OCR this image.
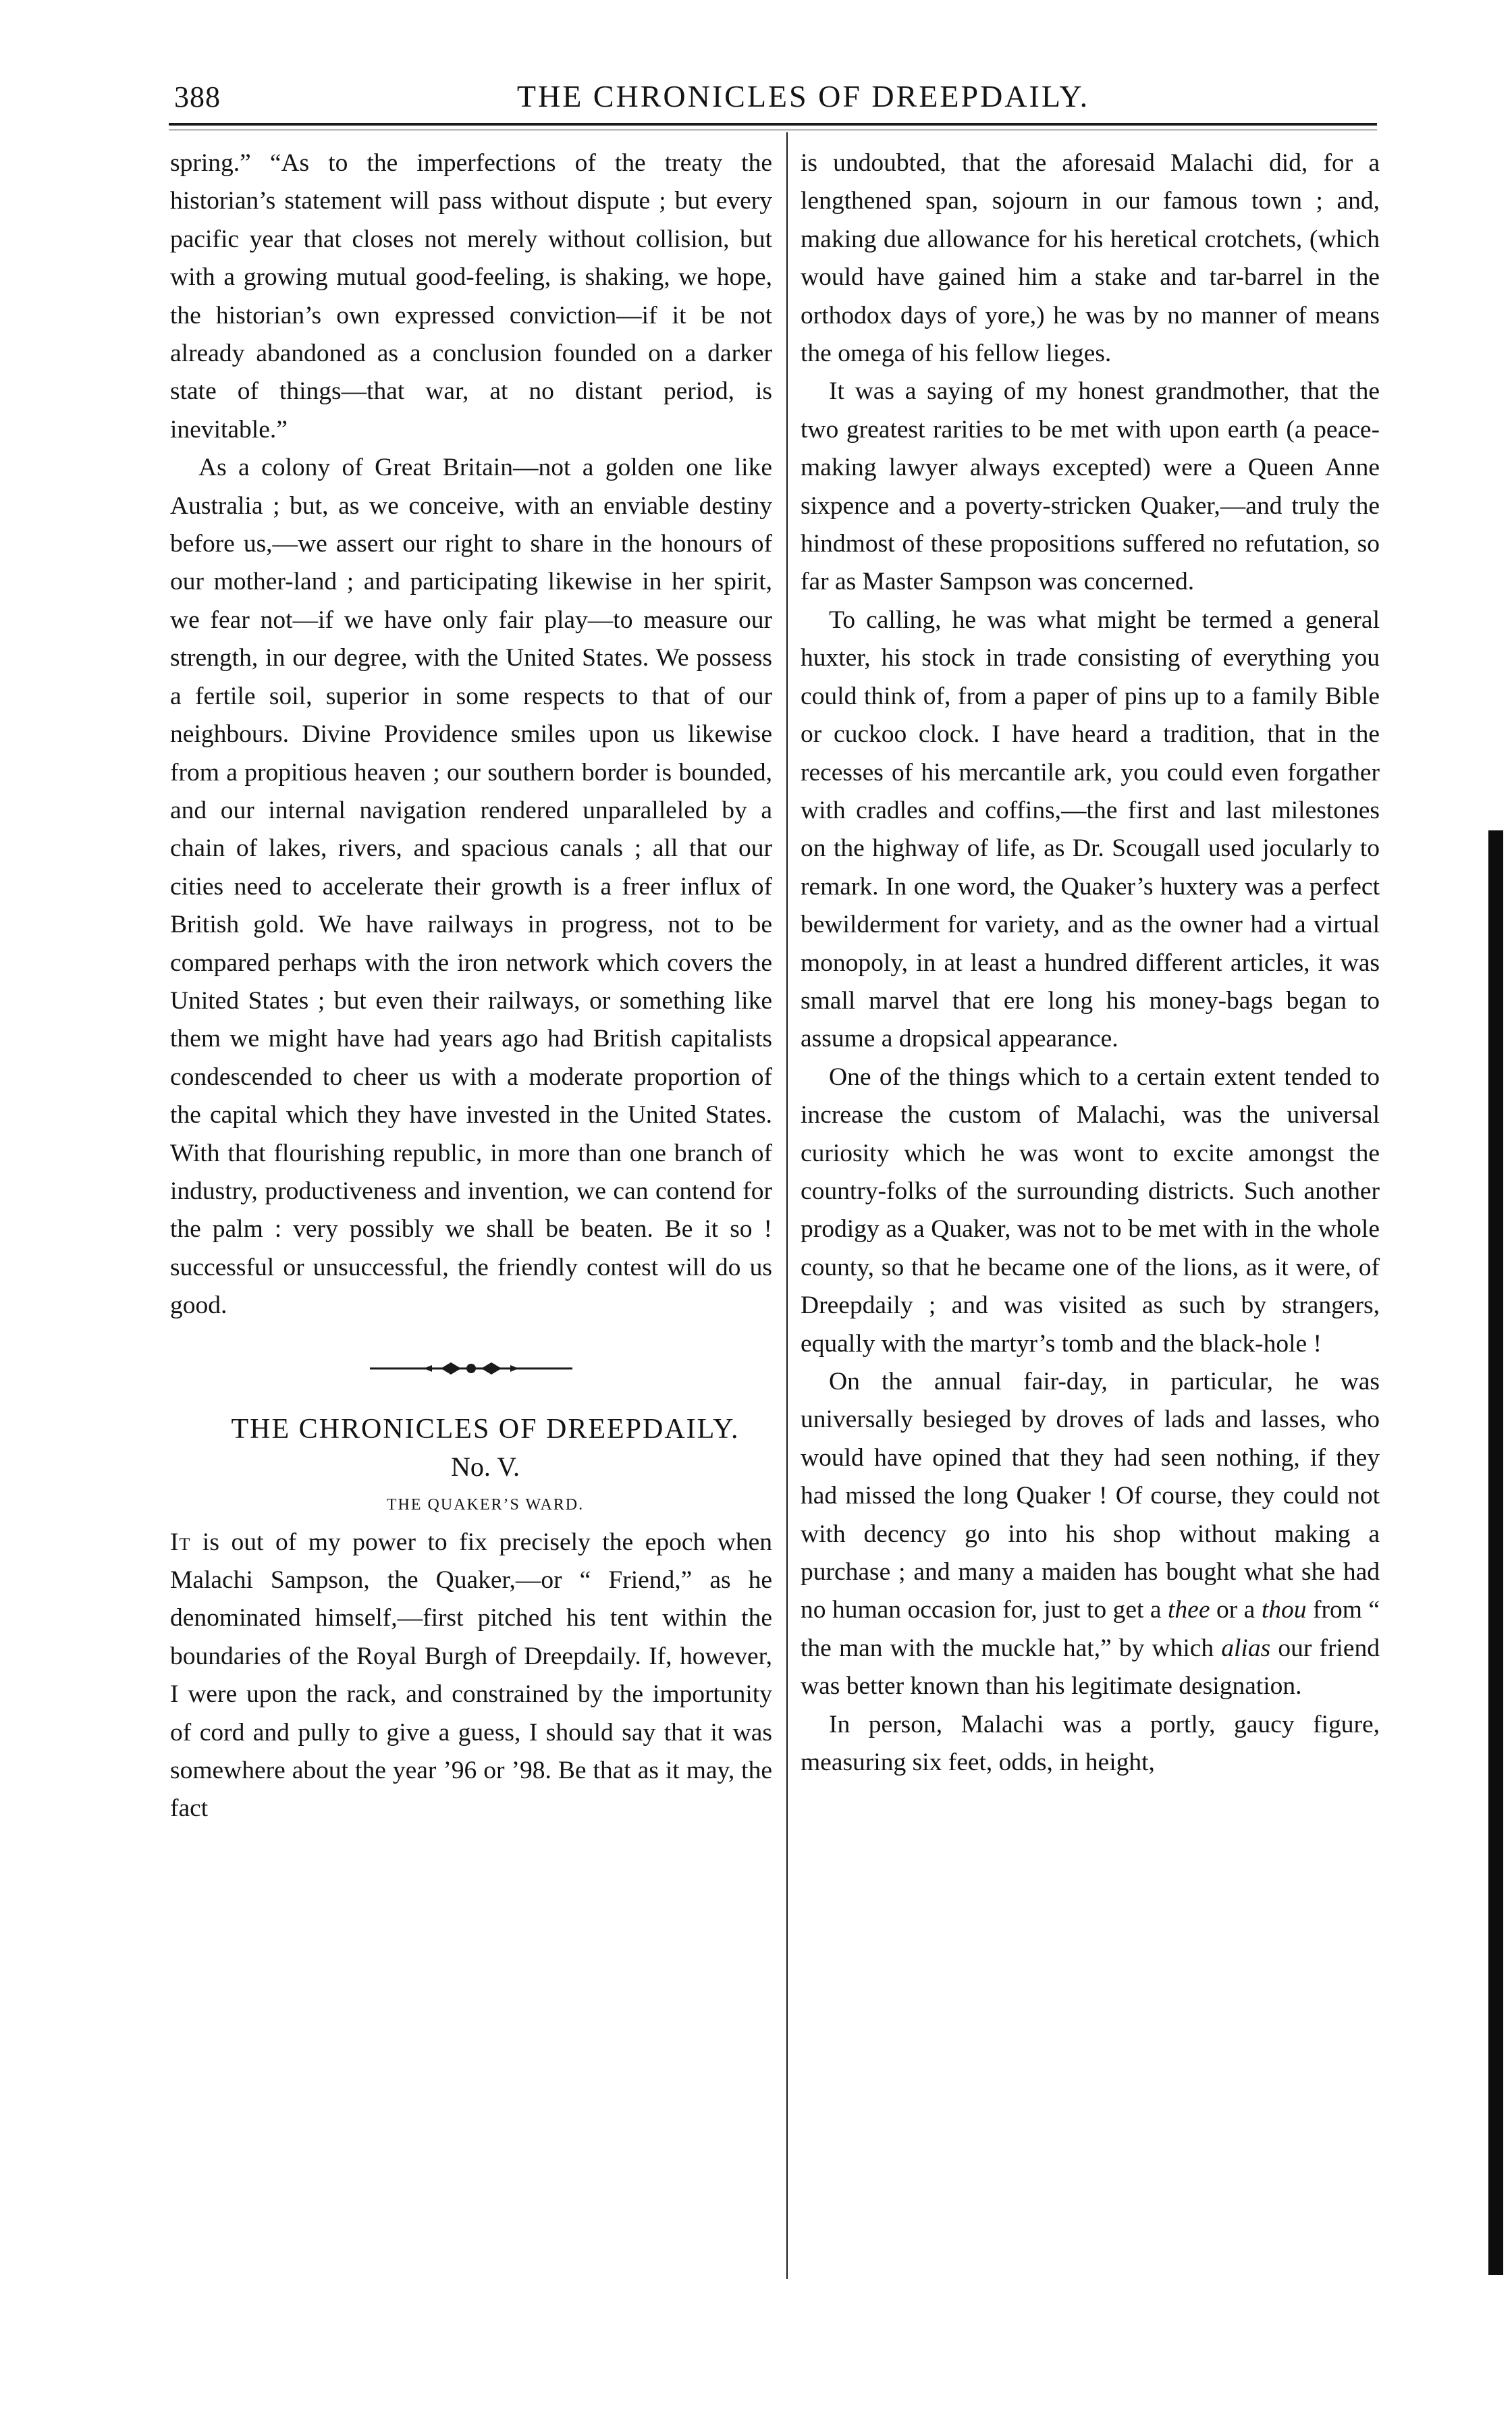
388	THE CHRONICLES OF DREEPDAILY.

spring.” “As to the imperfections of the treaty the historian’s statement will pass without dispute ; but every pacific year that closes not merely without collision, but with a growing mutual good-feeling, is shaking, we hope, the historian’s own expressed conviction—if it be not already abandoned as a conclusion founded on a darker state of things—that war, at no distant period, is inevitable.”

As a colony of Great Britain—not a golden one like Australia ; but, as we conceive, with an enviable destiny before us,—we assert our right to share in the honours of our mother-land ; and participating likewise in her spirit, we fear not—if we have only fair play—to measure our strength, in our degree, with the United States. We possess a fertile soil, superior in some respects to that of our neighbours. Divine Providence smiles upon us likewise from a propitious heaven ; our southern border is bounded, and our internal navigation rendered unparalleled by a chain of lakes, rivers, and spacious canals ; all that our cities need to accelerate their growth is a freer influx of British gold. We have railways in progress, not to be compared perhaps with the iron network which covers the United States ; but even their railways, or something like them we might have had years ago had British capitalists condescended to cheer us with a moderate proportion of the capital which they have invested in the United States. With that flourishing republic, in more than one branch of industry, productiveness and invention, we can contend for the palm : very possibly we shall be beaten. Be it so ! successful or unsuccessful, the friendly contest will do us good.

THE CHRONICLES OF DREEPDAILY.

No. V.

THE QUAKER’S WARD.

It is out of my power to fix precisely the epoch when Malachi Sampson, the Quaker,—or “ Friend,” as he denominated himself,—first pitched his tent within the boundaries of the Royal Burgh of Dreepdaily. If, however, I were upon the rack, and constrained by the importunity of cord and pully to give a guess, I should say that it was somewhere about the year ’96 or ’98. Be that as it may, the fact

is undoubted, that the aforesaid Malachi did, for a lengthened span, sojourn in our famous town ; and, making due allowance for his heretical crotchets, (which would have gained him a stake and tar-barrel in the orthodox days of yore,) he was by no manner of means the omega of his fellow lieges.

It was a saying of my honest grandmother, that the two greatest rarities to be met with upon earth (a peace-making lawyer always excepted) were a Queen Anne sixpence and a poverty-stricken Quaker,—and truly the hindmost of these propositions suffered no refutation, so far as Master Sampson was concerned.

To calling, he was what might be termed a general huxter, his stock in trade consisting of everything you could think of, from a paper of pins up to a family Bible or cuckoo clock. I have heard a tradition, that in the recesses of his mercantile ark, you could even forgather with cradles and coffins,—the first and last milestones on the highway of life, as Dr. Scougall used jocularly to remark. In one word, the Quaker’s huxtery was a perfect bewilderment for variety, and as the owner had a virtual monopoly, in at least a hundred different articles, it was small marvel that ere long his money-bags began to assume a dropsical appearance.

One of the things which to a certain extent tended to increase the custom of Malachi, was the universal curiosity which he was wont to excite amongst the country-folks of the surrounding districts. Such another prodigy as a Quaker, was not to be met with in the whole county, so that he became one of the lions, as it were, of Dreepdaily ; and was visited as such by strangers, equally with the martyr’s tomb and the black-hole !

On the annual fair-day, in particular, he was universally besieged by droves of lads and lasses, who would have opined that they had seen nothing, if they had missed the long Quaker ! Of course, they could not with decency go into his shop without making a purchase ; and many a maiden has bought what she had no human occasion for, just to get a thee or a thou from “ the man with the muckle hat,” by which alias our friend was better known than his legitimate designation.

In person, Malachi was a portly, gaucy figure, measuring six feet, odds, in height,
